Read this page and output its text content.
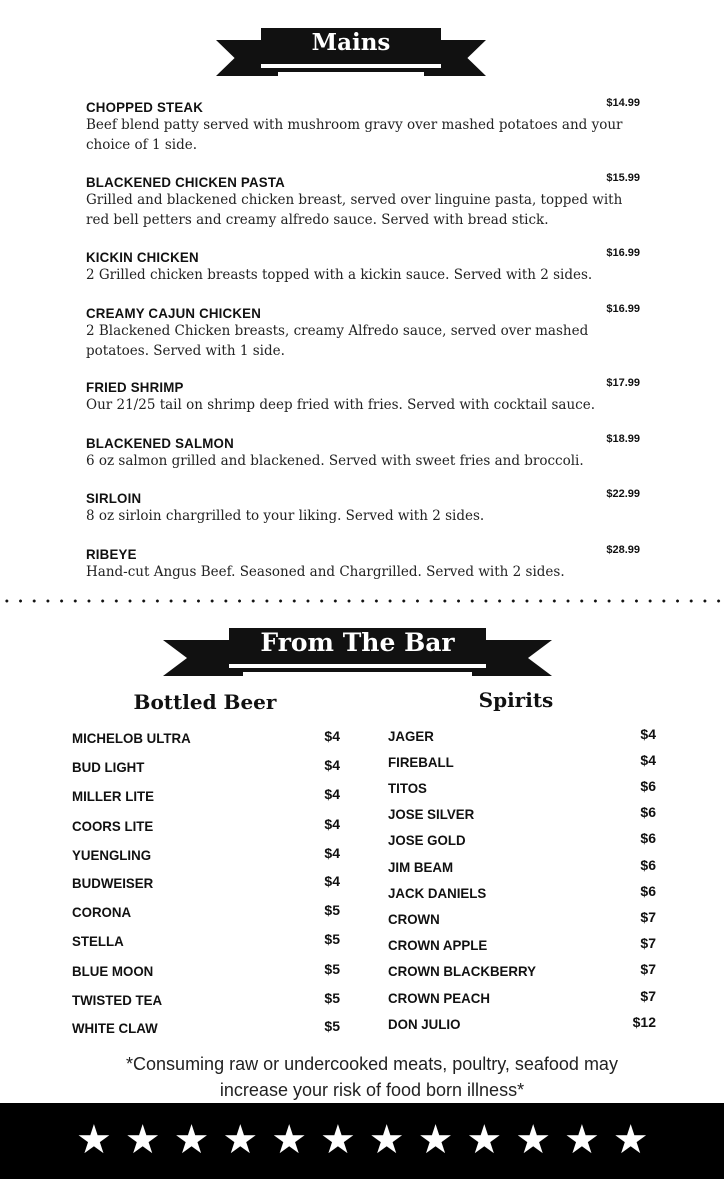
Mains
CHOPPED STEAK	$14.99
Beef blend patty served with mushroom gravy over mashed potatoes and your choice of 1 side.
BLACKENED CHICKEN PASTA	$15.99
Grilled and blackened chicken breast, served over linguine pasta, topped with red bell petters and creamy alfredo sauce. Served with bread stick.
KICKIN CHICKEN	$16.99
2 Grilled chicken breasts topped with a kickin sauce. Served with 2 sides.
CREAMY CAJUN CHICKEN	$16.99
2 Blackened Chicken breasts, creamy Alfredo sauce, served over mashed potatoes. Served with 1 side.
FRIED SHRIMP	$17.99
Our 21/25 tail on shrimp deep fried with fries. Served with cocktail sauce.
BLACKENED SALMON	$18.99
6 oz salmon grilled and blackened. Served with sweet fries and broccoli.
SIRLOIN	$22.99
8 oz sirloin chargrilled to your liking. Served with 2 sides.
RIBEYE	$28.99
Hand-cut Angus Beef. Seasoned and Chargrilled. Served with 2 sides.
From The Bar
Bottled Beer	Spirits
MICHELOB ULTRA	$4
BUD LIGHT	$4
MILLER LITE	$4
COORS LITE	$4
YUENGLING	$4
BUDWEISER	$4
CORONA	$5
STELLA	$5
BLUE MOON	$5
TWISTED TEA	$5
WHITE CLAW	$5
JAGER	$4
FIREBALL	$4
TITOS	$6
JOSE SILVER	$6
JOSE GOLD	$6
JIM BEAM	$6
JACK DANIELS	$6
CROWN	$7
CROWN APPLE	$7
CROWN BLACKBERRY	$7
CROWN PEACH	$7
DON JULIO	$12
*Consuming raw or undercooked meats, poultry, seafood may
increase your risk of food born illness*
★ ★ ★ ★ ★ ★ ★ ★ ★ ★ ★ ★
